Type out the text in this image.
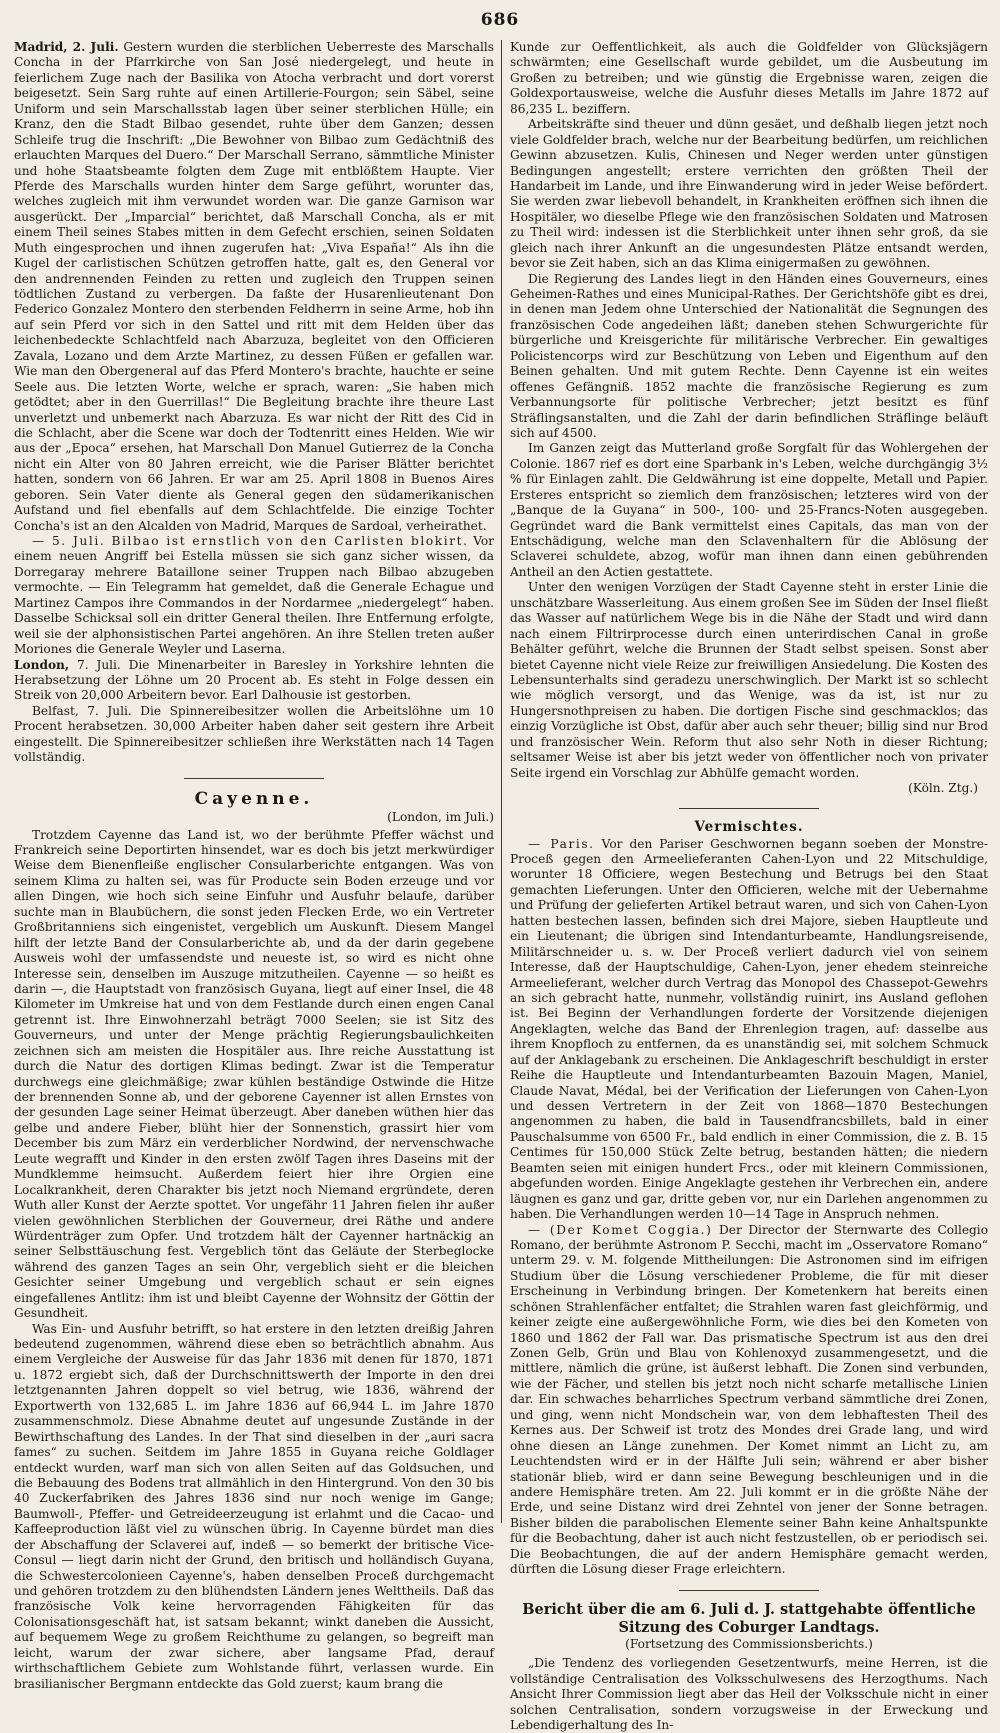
686

Madrid, 2. Juli. Gestern wurden die sterblichen Ueberreste des Marschalls Concha in der Pfarrkirche von San José niedergelegt, und heute in feierlichem Zuge nach der Basilika von Atocha verbracht und dort vorerst beigesetzt. Sein Sarg ruhte auf einen Artillerie-Fourgon; sein Säbel, seine Uniform und sein Marschallsstab lagen über seiner sterblichen Hülle; ein Kranz, den die Stadt Bilbao gesendet, ruhte über dem Ganzen; dessen Schleife trug die Inschrift: „Die Bewohner von Bilbao zum Gedächtniß des erlauchten Marques del Duero.“ Der Marschall Serrano, sämmtliche Minister und hohe Staatsbeamte folgten dem Zuge mit entblößtem Haupte. Vier Pferde des Marschalls wurden hinter dem Sarge geführt, worunter das, welches zugleich mit ihm verwundet worden war. Die ganze Garnison war ausgerückt. Der „Imparcial“ berichtet, daß Marschall Concha, als er mit einem Theil seines Stabes mitten in dem Gefecht erschien, seinen Soldaten Muth eingesprochen und ihnen zugerufen hat: „Viva España!“ Als ihn die Kugel der carlistischen Schützen getroffen hatte, galt es, den General vor den andrennenden Feinden zu retten und zugleich den Truppen seinen tödtlichen Zustand zu verbergen. Da faßte der Husarenlieutenant Don Federico Gonzalez Montero den sterbenden Feldherrn in seine Arme, hob ihn auf sein Pferd vor sich in den Sattel und ritt mit dem Helden über das leichenbedeckte Schlachtfeld nach Abarzuza, begleitet von den Officieren Zavala, Lozano und dem Arzte Martinez, zu dessen Füßen er gefallen war. Wie man den Obergeneral auf das Pferd Montero's brachte, hauchte er seine Seele aus. Die letzten Worte, welche er sprach, waren: „Sie haben mich getödtet; aber in den Guerrillas!“ Die Begleitung brachte ihre theure Last unverletzt und unbemerkt nach Abarzuza. Es war nicht der Ritt des Cid in die Schlacht, aber die Scene war doch der Todtenritt eines Helden. Wie wir aus der „Epoca“ ersehen, hat Marschall Don Manuel Gutierrez de la Concha nicht ein Alter von 80 Jahren erreicht, wie die Pariser Blätter berichtet hatten, sondern von 66 Jahren. Er war am 25. April 1808 in Buenos Aires geboren. Sein Vater diente als General gegen den südamerikanischen Aufstand und fiel ebenfalls auf dem Schlachtfelde. Die einzige Tochter Concha's ist an den Alcalden von Madrid, Marques de Sardoal, verheirathet.

— 5. Juli. Bilbao ist ernstlich von den Carlisten blokirt. Vor einem neuen Angriff bei Estella müssen sie sich ganz sicher wissen, da Dorregaray mehrere Bataillone seiner Truppen nach Bilbao abzugeben vermochte. — Ein Telegramm hat gemeldet, daß die Generale Echague und Martinez Campos ihre Commandos in der Nordarmee „niedergelegt“ haben. Dasselbe Schicksal soll ein dritter General theilen. Ihre Entfernung erfolgte, weil sie der alphonsistischen Partei angehören. An ihre Stellen treten außer Moriones die Generale Weyler und Laserna.

London, 7. Juli. Die Minenarbeiter in Baresley in Yorkshire lehnten die Herabsetzung der Löhne um 20 Procent ab. Es steht in Folge dessen ein Streik von 20,000 Arbeitern bevor. Earl Dalhousie ist gestorben.

Belfast, 7. Juli. Die Spinnereibesitzer wollen die Arbeitslöhne um 10 Procent herabsetzen. 30,000 Arbeiter haben daher seit gestern ihre Arbeit eingestellt. Die Spinnereibesitzer schließen ihre Werkstätten nach 14 Tagen vollständig.

Cayenne.
(London, im Juli.)

Trotzdem Cayenne das Land ist, wo der berühmte Pfeffer wächst und Frankreich seine Deportirten hinsendet, war es doch bis jetzt merkwürdiger Weise dem Bienenfleiße englischer Consularberichte entgangen. Was von seinem Klima zu halten sei, was für Producte sein Boden erzeuge und vor allen Dingen, wie hoch sich seine Einfuhr und Ausfuhr belaufe, darüber suchte man in Blaubüchern, die sonst jeden Flecken Erde, wo ein Vertreter Großbritanniens sich eingenistet, vergeblich um Auskunft. Diesem Mangel hilft der letzte Band der Consularberichte ab, und da der darin gegebene Ausweis wohl der umfassendste und neueste ist, so wird es nicht ohne Interesse sein, denselben im Auszuge mitzutheilen. Cayenne — so heißt es darin —, die Hauptstadt von französisch Guyana, liegt auf einer Insel, die 48 Kilometer im Umkreise hat und von dem Festlande durch einen engen Canal getrennt ist. Ihre Einwohnerzahl beträgt 7000 Seelen; sie ist Sitz des Gouverneurs, und unter der Menge prächtig Regierungsbaulichkeiten zeichnen sich am meisten die Hospitäler aus. Ihre reiche Ausstattung ist durch die Natur des dortigen Klimas bedingt. Zwar ist die Temperatur durchwegs eine gleichmäßige; zwar kühlen beständige Ostwinde die Hitze der brennenden Sonne ab, und der geborene Cayenner ist allen Ernstes von der gesunden Lage seiner Heimat überzeugt. Aber daneben wüthen hier das gelbe und andere Fieber, blüht hier der Sonnenstich, grassirt hier vom December bis zum März ein verderblicher Nordwind, der nervenschwache Leute wegrafft und Kinder in den ersten zwölf Tagen ihres Daseins mit der Mundklemme heimsucht. Außerdem feiert hier ihre Orgien eine Localkrankheit, deren Charakter bis jetzt noch Niemand ergründete, deren Wuth aller Kunst der Aerzte spottet. Vor ungefähr 11 Jahren fielen ihr außer vielen gewöhnlichen Sterblichen der Gouverneur, drei Räthe und andere Würdenträger zum Opfer. Und trotzdem hält der Cayenner hartnäckig an seiner Selbsttäuschung fest. Vergeblich tönt das Geläute der Sterbeglocke während des ganzen Tages an sein Ohr, vergeblich sieht er die bleichen Gesichter seiner Umgebung und vergeblich schaut er sein eignes eingefallenes Antlitz: ihm ist und bleibt Cayenne der Wohnsitz der Göttin der Gesundheit.

Was Ein- und Ausfuhr betrifft, so hat erstere in den letzten dreißig Jahren bedeutend zugenommen, während diese eben so beträchtlich abnahm. Aus einem Vergleiche der Ausweise für das Jahr 1836 mit denen für 1870, 1871 u. 1872 ergiebt sich, daß der Durchschnittswerth der Importe in den drei letztgenannten Jahren doppelt so viel betrug, wie 1836, während der Exportwerth von 132,685 L. im Jahre 1836 auf 66,944 L. im Jahre 1870 zusammenschmolz. Diese Abnahme deutet auf ungesunde Zustände in der Bewirthschaftung des Landes. In der That sind dieselben in der „auri sacra fames“ zu suchen. Seitdem im Jahre 1855 in Guyana reiche Goldlager entdeckt wurden, warf man sich von allen Seiten auf das Goldsuchen, und die Bebauung des Bodens trat allmählich in den Hintergrund. Von den 30 bis 40 Zuckerfabriken des Jahres 1836 sind nur noch wenige im Gange; Baumwoll-, Pfeffer- und Getreideerzeugung ist erlahmt und die Cacao- und Kaffeeproduction läßt viel zu wünschen übrig. In Cayenne bürdet man dies der Abschaffung der Sclaverei auf, indeß — so bemerkt der britische Vice-Consul — liegt darin nicht der Grund, den britisch und holländisch Guyana, die Schwestercolonieen Cayenne's, haben denselben Proceß durchgemacht und gehören trotzdem zu den blühendsten Ländern jenes Welttheils. Daß das französische Volk keine hervorragenden Fähigkeiten für das Colonisationsgeschäft hat, ist satsam bekannt; winkt daneben die Aussicht, auf bequemem Wege zu großem Reichthume zu gelangen, so begreift man leicht, warum der zwar sichere, aber langsame Pfad, derauf wirthschaftlichem Gebiete zum Wohlstande führt, verlassen wurde. Ein brasilianischer Bergmann entdeckte das Gold zuerst; kaum brang die

Kunde zur Oeffentlichkeit, als auch die Goldfelder von Glücksjägern schwärmten; eine Gesellschaft wurde gebildet, um die Ausbeutung im Großen zu betreiben; und wie günstig die Ergebnisse waren, zeigen die Goldexportausweise, welche die Ausfuhr dieses Metalls im Jahre 1872 auf 86,235 L. beziffern.

Arbeitskräfte sind theuer und dünn gesäet, und deßhalb liegen jetzt noch viele Goldfelder brach, welche nur der Bearbeitung bedürfen, um reichlichen Gewinn abzusetzen. Kulis, Chinesen und Neger werden unter günstigen Bedingungen angestellt; erstere verrichten den größten Theil der Handarbeit im Lande, und ihre Einwanderung wird in jeder Weise befördert. Sie werden zwar liebevoll behandelt, in Krankheiten eröffnen sich ihnen die Hospitäler, wo dieselbe Pflege wie den französischen Soldaten und Matrosen zu Theil wird: indessen ist die Sterblichkeit unter ihnen sehr groß, da sie gleich nach ihrer Ankunft an die ungesundesten Plätze entsandt werden, bevor sie Zeit haben, sich an das Klima einigermaßen zu gewöhnen.

Die Regierung des Landes liegt in den Händen eines Gouverneurs, eines Geheimen-Rathes und eines Municipal-Rathes. Der Gerichtshöfe gibt es drei, in denen man Jedem ohne Unterschied der Nationalität die Segnungen des französischen Code angedeihen läßt; daneben stehen Schwurgerichte für bürgerliche und Kreisgerichte für militärische Verbrecher. Ein gewaltiges Policistencorps wird zur Beschützung von Leben und Eigenthum auf den Beinen gehalten. Und mit gutem Rechte. Denn Cayenne ist ein weites offenes Gefängniß. 1852 machte die französische Regierung es zum Verbannungsorte für politische Verbrecher; jetzt besitzt es fünf Sträflingsanstalten, und die Zahl der darin befindlichen Sträflinge beläuft sich auf 4500.

Im Ganzen zeigt das Mutterland große Sorgfalt für das Wohlergehen der Colonie. 1867 rief es dort eine Sparbank in's Leben, welche durchgängig 3½ % für Einlagen zahlt. Die Geldwährung ist eine doppelte, Metall und Papier. Ersteres entspricht so ziemlich dem französischen; letzteres wird von der „Banque de la Guyana“ in 500-, 100- und 25-Francs-Noten ausgegeben. Gegründet ward die Bank vermittelst eines Capitals, das man von der Entschädigung, welche man den Sclavenhaltern für die Ablösung der Sclaverei schuldete, abzog, wofür man ihnen dann einen gebührenden Antheil an den Actien gestattete.

Unter den wenigen Vorzügen der Stadt Cayenne steht in erster Linie die unschätzbare Wasserleitung. Aus einem großen See im Süden der Insel fließt das Wasser auf natürlichem Wege bis in die Nähe der Stadt und wird dann nach einem Filtrirprocesse durch einen unterirdischen Canal in große Behälter geführt, welche die Brunnen der Stadt selbst speisen. Sonst aber bietet Cayenne nicht viele Reize zur freiwilligen Ansiedelung. Die Kosten des Lebensunterhalts sind geradezu unerschwinglich. Der Markt ist so schlecht wie möglich versorgt, und das Wenige, was da ist, ist nur zu Hungersnothpreisen zu haben. Die dortigen Fische sind geschmacklos; das einzig Vorzügliche ist Obst, dafür aber auch sehr theuer; billig sind nur Brod und französischer Wein. Reform thut also sehr Noth in dieser Richtung; seltsamer Weise ist aber bis jetzt weder von öffentlicher noch von privater Seite irgend ein Vorschlag zur Abhülfe gemacht worden.

(Köln. Ztg.)
Vermischtes.

— Paris. Vor den Pariser Geschwornen begann soeben der Monstre-Proceß gegen den Armeelieferanten Cahen-Lyon und 22 Mitschuldige, worunter 18 Officiere, wegen Bestechung und Betrugs bei den Staat gemachten Lieferungen. Unter den Officieren, welche mit der Uebernahme und Prüfung der gelieferten Artikel betraut waren, und sich von Cahen-Lyon hatten bestechen lassen, befinden sich drei Majore, sieben Hauptleute und ein Lieutenant; die übrigen sind Intendanturbeamte, Handlungsreisende, Militärschneider u. s. w. Der Proceß verliert dadurch viel von seinem Interesse, daß der Hauptschuldige, Cahen-Lyon, jener ehedem steinreiche Armeelieferant, welcher durch Vertrag das Monopol des Chassepot-Gewehrs an sich gebracht hatte, nunmehr, vollständig ruinirt, ins Ausland geflohen ist. Bei Beginn der Verhandlungen forderte der Vorsitzende diejenigen Angeklagten, welche das Band der Ehrenlegion tragen, auf: dasselbe aus ihrem Knopfloch zu entfernen, da es unanständig sei, mit solchem Schmuck auf der Anklagebank zu erscheinen. Die Anklageschrift beschuldigt in erster Reihe die Hauptleute und Intendanturbeamten Bazouin Magen, Maniel, Claude Navat, Médal, bei der Verification der Lieferungen von Cahen-Lyon und dessen Vertretern in der Zeit von 1868—1870 Bestechungen angenommen zu haben, die bald in Tausendfrancsbillets, bald in einer Pauschalsumme von 6500 Fr., bald endlich in einer Commission, die z. B. 15 Centimes für 150,000 Stück Zelte betrug, bestanden hätten; die niedern Beamten seien mit einigen hundert Frcs., oder mit kleinern Commissionen, abgefunden worden. Einige Angeklagte gestehen ihr Verbrechen ein, andere läugnen es ganz und gar, dritte geben vor, nur ein Darlehen angenommen zu haben. Die Verhandlungen werden 10—14 Tage in Anspruch nehmen.

— (Der Komet Coggia.) Der Director der Sternwarte des Collegio Romano, der berühmte Astronom P. Secchi, macht im „Osservatore Romano“ unterm 29. v. M. folgende Mittheilungen: Die Astronomen sind im eifrigen Studium über die Lösung verschiedener Probleme, die für mit dieser Erscheinung in Verbindung bringen. Der Kometenkern hat bereits einen schönen Strahlenfächer entfaltet; die Strahlen waren fast gleichförmig, und keiner zeigte eine außergewöhnliche Form, wie dies bei den Kometen von 1860 und 1862 der Fall war. Das prismatische Spectrum ist aus den drei Zonen Gelb, Grün und Blau von Kohlenoxyd zusammengesetzt, und die mittlere, nämlich die grüne, ist äußerst lebhaft. Die Zonen sind verbunden, wie der Fächer, und stellen bis jetzt noch nicht scharfe metallische Linien dar. Ein schwaches beharrliches Spectrum verband sämmtliche drei Zonen, und ging, wenn nicht Mondschein war, von dem lebhaftesten Theil des Kernes aus. Der Schweif ist trotz des Mondes drei Grade lang, und wird ohne diesen an Länge zunehmen. Der Komet nimmt an Licht zu, am Leuchtendsten wird er in der Hälfte Juli sein; während er aber bisher stationär blieb, wird er dann seine Bewegung beschleunigen und in die andere Hemisphäre treten. Am 22. Juli kommt er in die größte Nähe der Erde, und seine Distanz wird drei Zehntel von jener der Sonne betragen. Bisher bilden die parabolischen Elemente seiner Bahn keine Anhaltspunkte für die Beobachtung, daher ist auch nicht festzustellen, ob er periodisch sei. Die Beobachtungen, die auf der andern Hemisphäre gemacht werden, dürften die Lösung dieser Frage erleichtern.

Bericht über die am 6. Juli d. J. stattgehabte öffentliche
Sitzung des Coburger Landtags.
(Fortsetzung des Commissionsberichts.)

„Die Tendenz des vorliegenden Gesetzentwurfs, meine Herren, ist die vollständige Centralisation des Volksschulwesens des Herzogthums. Nach Ansicht Ihrer Commission liegt aber das Heil der Volksschule nicht in einer solchen Centralisation, sondern vorzugsweise in der Erweckung und Lebendigerhaltung des In-
